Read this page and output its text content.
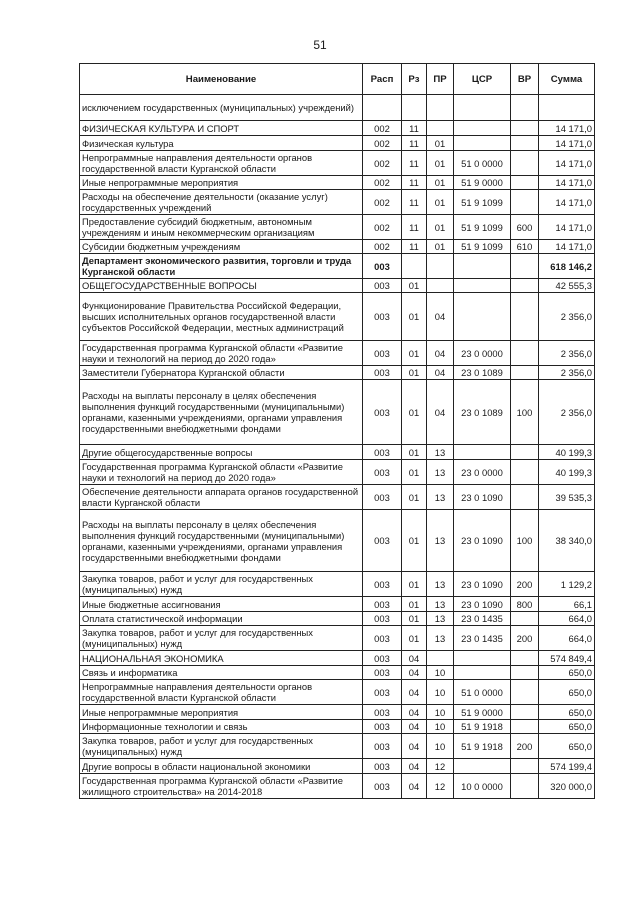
51
Наименование	Расп	Рз	ПР	ЦСР	ВР	Сумма
исключением государственных (муниципальных) учреждений)						
ФИЗИЧЕСКАЯ КУЛЬТУРА И СПОРТ	002	11				14 171,0
Физическая культура	002	11	01			14 171,0
Непрограммные направления деятельности органов государственной власти Курганской области	002	11	01	51 0 0000		14 171,0
Иные непрограммные мероприятия	002	11	01	51 9 0000		14 171,0
Расходы на обеспечение деятельности (оказание услуг) государственных учреждений	002	11	01	51 9 1099		14 171,0
Предоставление субсидий бюджетным, автономным учреждениям и иным некоммерческим организациям	002	11	01	51 9 1099	600	14 171,0
Субсидии бюджетным учреждениям	002	11	01	51 9 1099	610	14 171,0
Департамент экономического развития, торговли и труда Курганской области	003					618 146,2
ОБЩЕГОСУДАРСТВЕННЫЕ ВОПРОСЫ	003	01				42 555,3
Функционирование Правительства Российской Федерации, высших исполнительных органов государственной власти субъектов Российской Федерации, местных администраций	003	01	04			2 356,0
Государственная программа Курганской области «Развитие науки и технологий на период до 2020 года»	003	01	04	23 0 0000		2 356,0
Заместители Губернатора Курганской области	003	01	04	23 0 1089		2 356,0
Расходы на выплаты персоналу в целях обеспечения выполнения функций государственными (муниципальными) органами, казенными учреждениями, органами управления государственными внебюджетными фондами	003	01	04	23 0 1089	100	2 356,0
Другие общегосударственные вопросы	003	01	13			40 199,3
Государственная программа Курганской области «Развитие науки и технологий на период до 2020 года»	003	01	13	23 0 0000		40 199,3
Обеспечение деятельности аппарата органов государственной власти Курганской области	003	01	13	23 0 1090		39 535,3
Расходы на выплаты персоналу в целях обеспечения выполнения функций государственными (муниципальными) органами, казенными учреждениями, органами управления государственными внебюджетными фондами	003	01	13	23 0 1090	100	38 340,0
Закупка товаров, работ и услуг для государственных (муниципальных) нужд	003	01	13	23 0 1090	200	1 129,2
Иные бюджетные ассигнования	003	01	13	23 0 1090	800	66,1
Оплата статистической информации	003	01	13	23 0 1435		664,0
Закупка товаров, работ и услуг для государственных (муниципальных) нужд	003	01	13	23 0 1435	200	664,0
НАЦИОНАЛЬНАЯ ЭКОНОМИКА	003	04				574 849,4
Связь и информатика	003	04	10			650,0
Непрограммные направления деятельности органов государственной власти Курганской области	003	04	10	51 0 0000		650,0
Иные непрограммные мероприятия	003	04	10	51 9 0000		650,0
Информационные технологии и связь	003	04	10	51 9 1918		650,0
Закупка товаров, работ и услуг для государственных (муниципальных) нужд	003	04	10	51 9 1918	200	650,0
Другие вопросы в области национальной экономики	003	04	12			574 199,4
Государственная программа Курганской области «Развитие жилищного строительства» на 2014-2018	003	04	12	10 0 0000		320 000,0
